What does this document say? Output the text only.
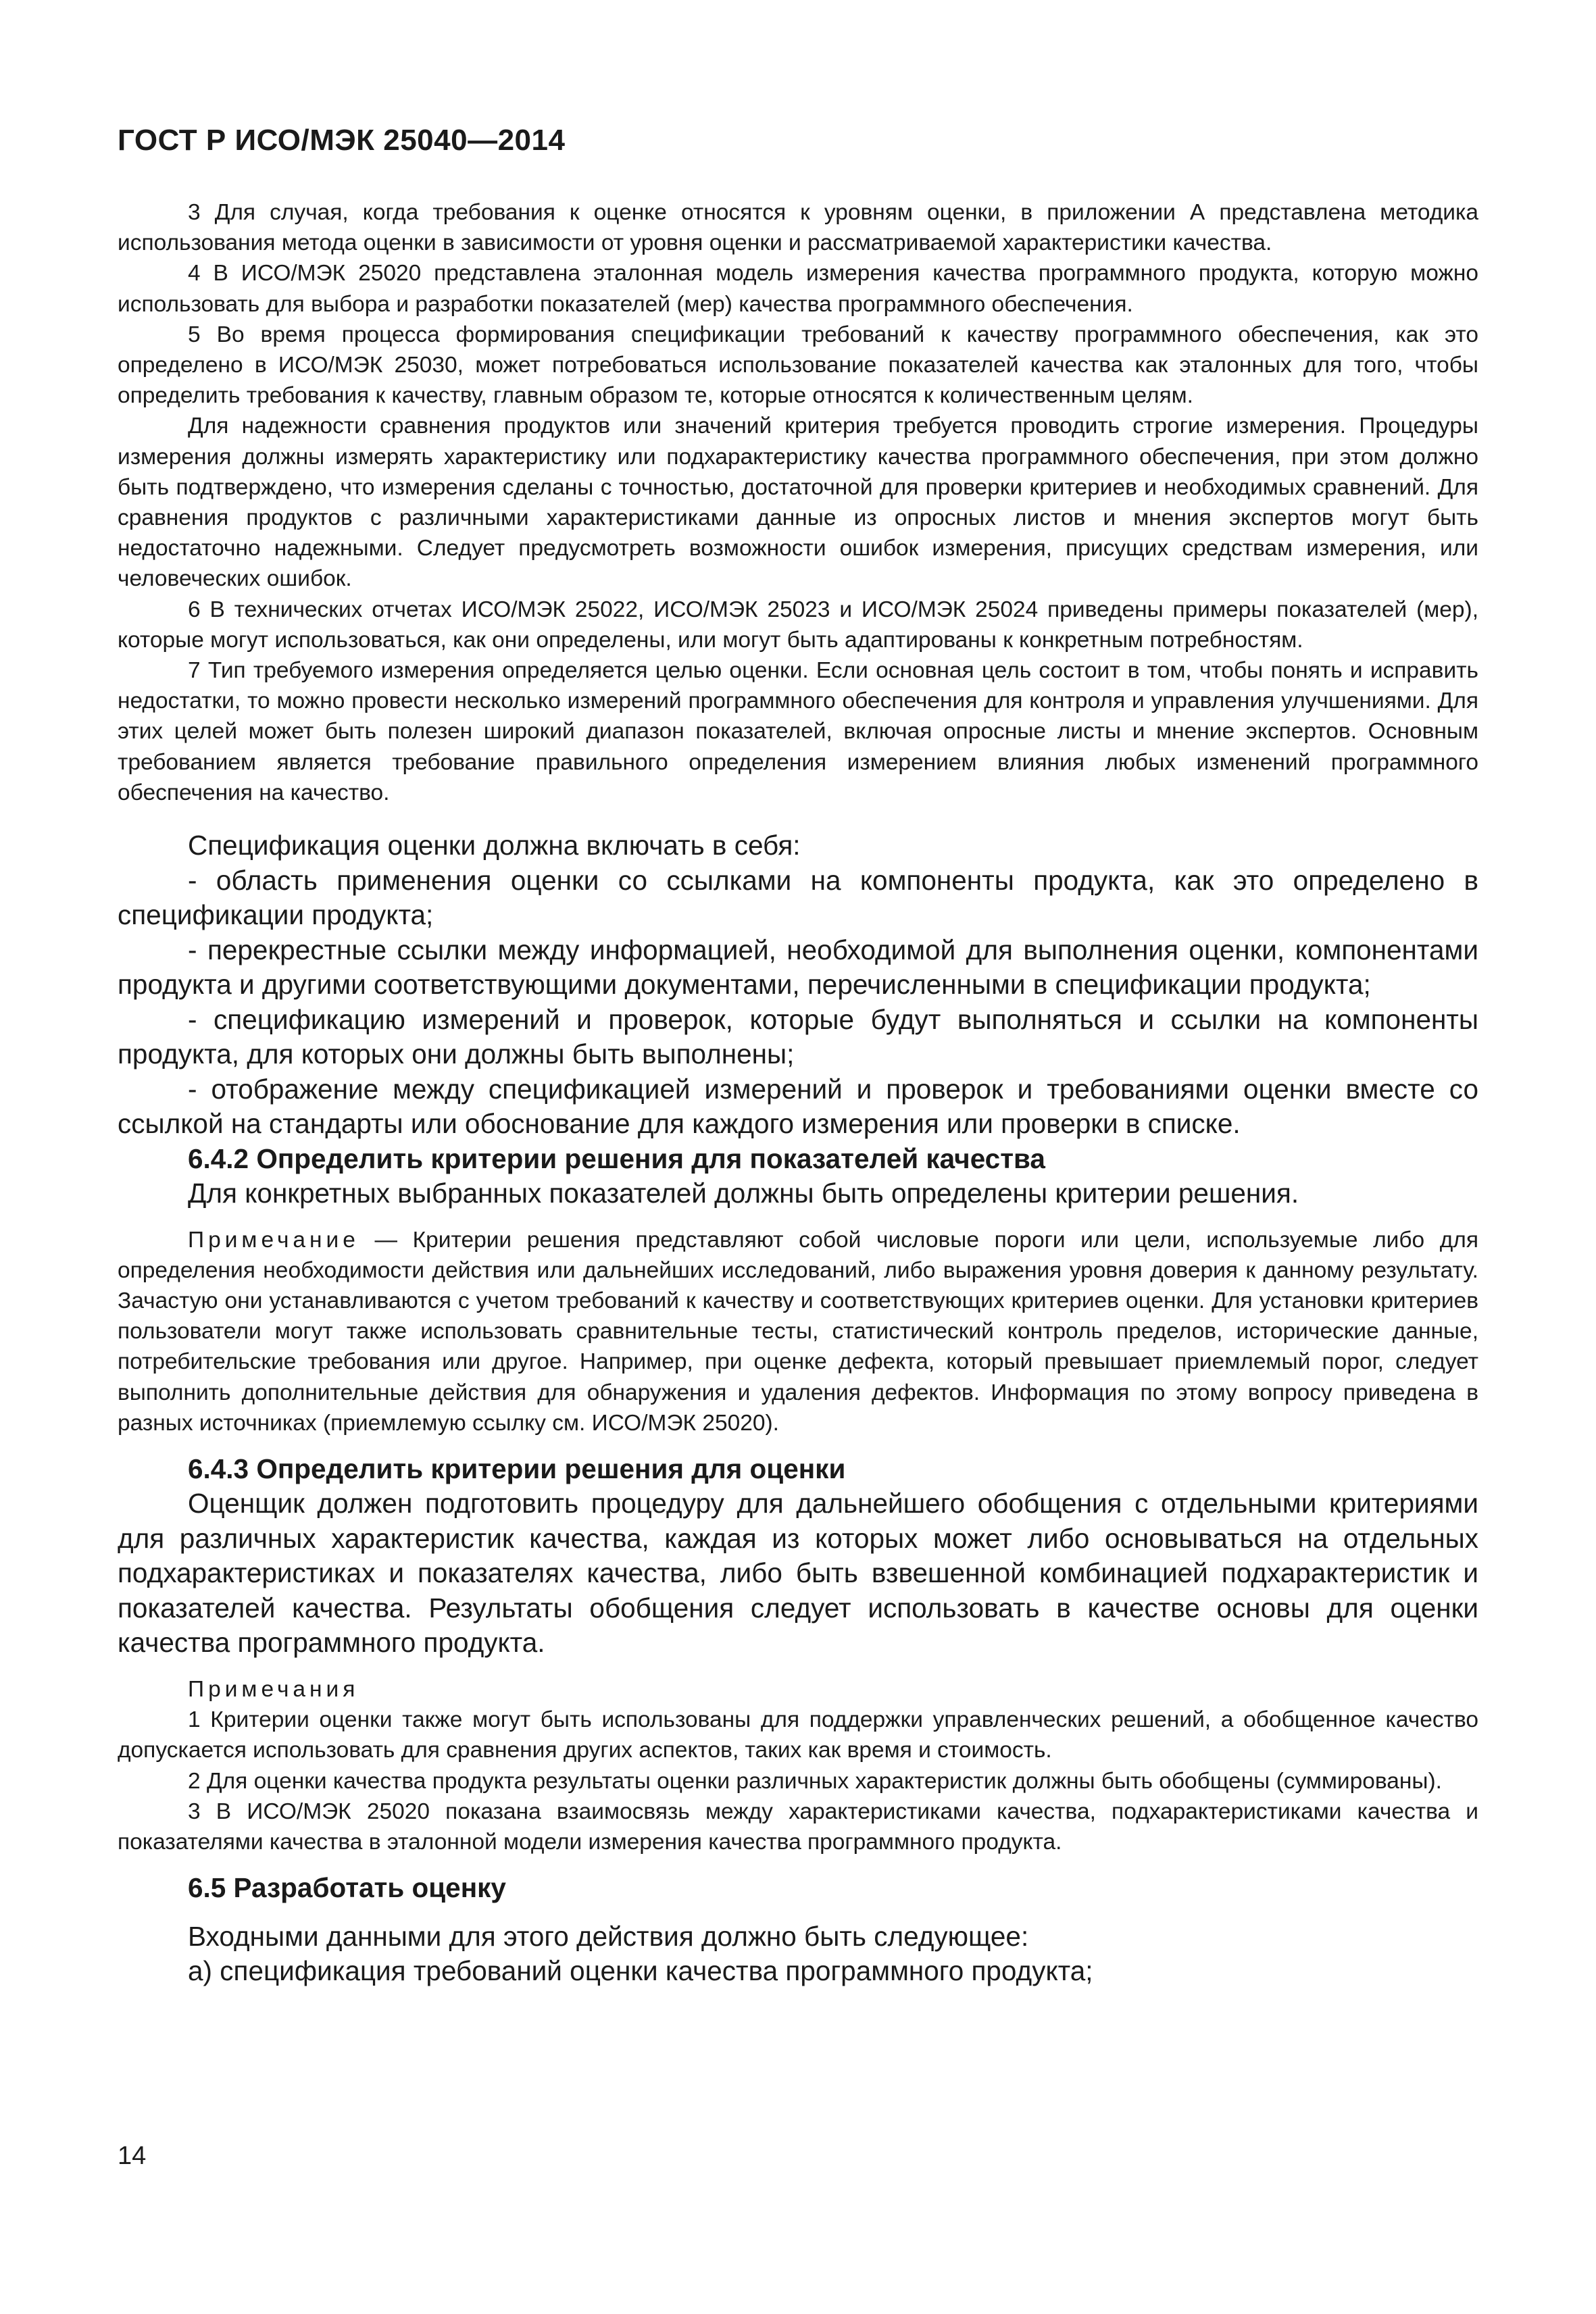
ГОСТ Р ИСО/МЭК 25040—2014

3 Для случая, когда требования к оценке относятся к уровням оценки, в приложении А представлена методика использования метода оценки в зависимости от уровня оценки и рассматриваемой характеристики качества.

4 В ИСО/МЭК 25020 представлена эталонная модель измерения качества программного продукта, которую можно использовать для выбора и разработки показателей (мер) качества программного обеспечения.

5 Во время процесса формирования спецификации требований к качеству программного обеспечения, как это определено в ИСО/МЭК 25030, может потребоваться использование показателей качества как эталонных для того, чтобы определить требования к качеству, главным образом те, которые относятся к количественным целям.

Для надежности сравнения продуктов или значений критерия требуется проводить строгие измерения. Процедуры измерения должны измерять характеристику или подхарактеристику качества программного обеспечения, при этом должно быть подтверждено, что измерения сделаны с точностью, достаточной для проверки критериев и необходимых сравнений. Для сравнения продуктов с различными характеристиками данные из опросных листов и мнения экспертов могут быть недостаточно надежными. Следует предусмотреть возможности ошибок измерения, присущих средствам измерения, или человеческих ошибок.

6 В технических отчетах ИСО/МЭК 25022, ИСО/МЭК 25023 и ИСО/МЭК 25024 приведены примеры показателей (мер), которые могут использоваться, как они определены, или могут быть адаптированы к конкретным потребностям.

7 Тип требуемого измерения определяется целью оценки. Если основная цель состоит в том, чтобы понять и исправить недостатки, то можно провести несколько измерений программного обеспечения для контроля и управления улучшениями. Для этих целей может быть полезен широкий диапазон показателей, включая опросные листы и мнение экспертов. Основным требованием является требование правильного определения измерением влияния любых изменений программного обеспечения на качество.

Спецификация оценки должна включать в себя:

- область применения оценки со ссылками на компоненты продукта, как это определено в спецификации продукта;

- перекрестные ссылки между информацией, необходимой для выполнения оценки, компонентами продукта и другими соответствующими документами, перечисленными в спецификации продукта;

- спецификацию измерений и проверок, которые будут выполняться и ссылки на компоненты продукта, для которых они должны быть выполнены;

- отображение между спецификацией измерений и проверок и требованиями оценки вместе со ссылкой на стандарты или обоснование для каждого измерения или проверки в списке.

6.4.2 Определить критерии решения для показателей качества

Для конкретных выбранных показателей должны быть определены критерии решения.

Примечание — Критерии решения представляют собой числовые пороги или цели, используемые либо для определения необходимости действия или дальнейших исследований, либо выражения уровня доверия к данному результату. Зачастую они устанавливаются с учетом требований к качеству и соответствующих критериев оценки. Для установки критериев пользователи могут также использовать сравнительные тесты, статистический контроль пределов, исторические данные, потребительские требования или другое. Например, при оценке дефекта, который превышает приемлемый порог, следует выполнить дополнительные действия для обнаружения и удаления дефектов. Информация по этому вопросу приведена в разных источниках (приемлемую ссылку см. ИСО/МЭК 25020).

6.4.3 Определить критерии решения для оценки

Оценщик должен подготовить процедуру для дальнейшего обобщения с отдельными критериями для различных характеристик качества, каждая из которых может либо основываться на отдельных подхарактеристиках и показателях качества, либо быть взвешенной комбинацией подхарактеристик и показателей качества. Результаты обобщения следует использовать в качестве основы для оценки качества программного продукта.

Примечания

1 Критерии оценки также могут быть использованы для поддержки управленческих решений, а обобщенное качество допускается использовать для сравнения других аспектов, таких как время и стоимость.

2 Для оценки качества продукта результаты оценки различных характеристик должны быть обобщены (суммированы).

3 В ИСО/МЭК 25020 показана взаимосвязь между характеристиками качества, подхарактеристиками качества и показателями качества в эталонной модели измерения качества программного продукта.

6.5 Разработать оценку

Входными данными для этого действия должно быть следующее:

а) спецификация требований оценки качества программного продукта;

14
